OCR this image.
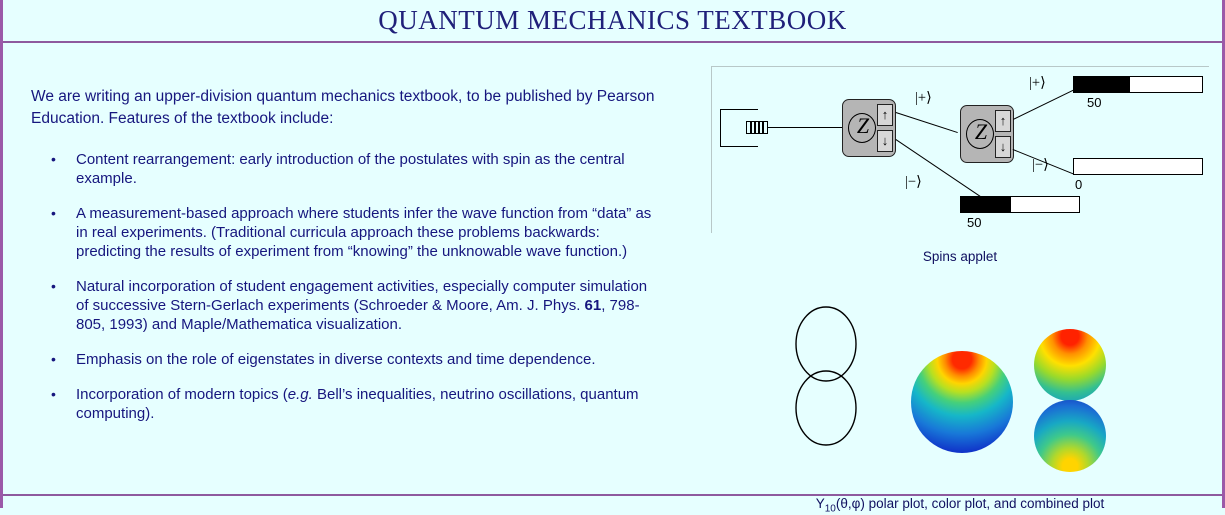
QUANTUM MECHANICS TEXTBOOK

We are writing an upper-division quantum mechanics textbook, to be published by Pearson Education. Features of the textbook include:

• Content rearrangement: early introduction of the postulates with spin as the central example.
• A measurement-based approach where students infer the wave function from “data” as in real experiments. (Traditional curricula approach these problems backwards: predicting the results of experiment from “knowing” the unknowable wave function.)
• Natural incorporation of student engagement activities, especially computer simulation of successive Stern-Gerlach experiments (Schroeder & Moore, Am. J. Phys. 61, 798-805, 1993) and Maple/Mathematica visualization.
• Emphasis on the role of eigenstates in diverse contexts and time dependence.
• Incorporation of modern topics (e.g. Bell’s inequalities, neutrino oscillations, quantum computing).
Z ↑
↓
|+⟩
|−⟩
Z ↑
↓
|+⟩
|−⟩
50
0
50
Spins applet
$Y_{10}(\theta,\varphi)$ polar plot, color plot, and combined plot
